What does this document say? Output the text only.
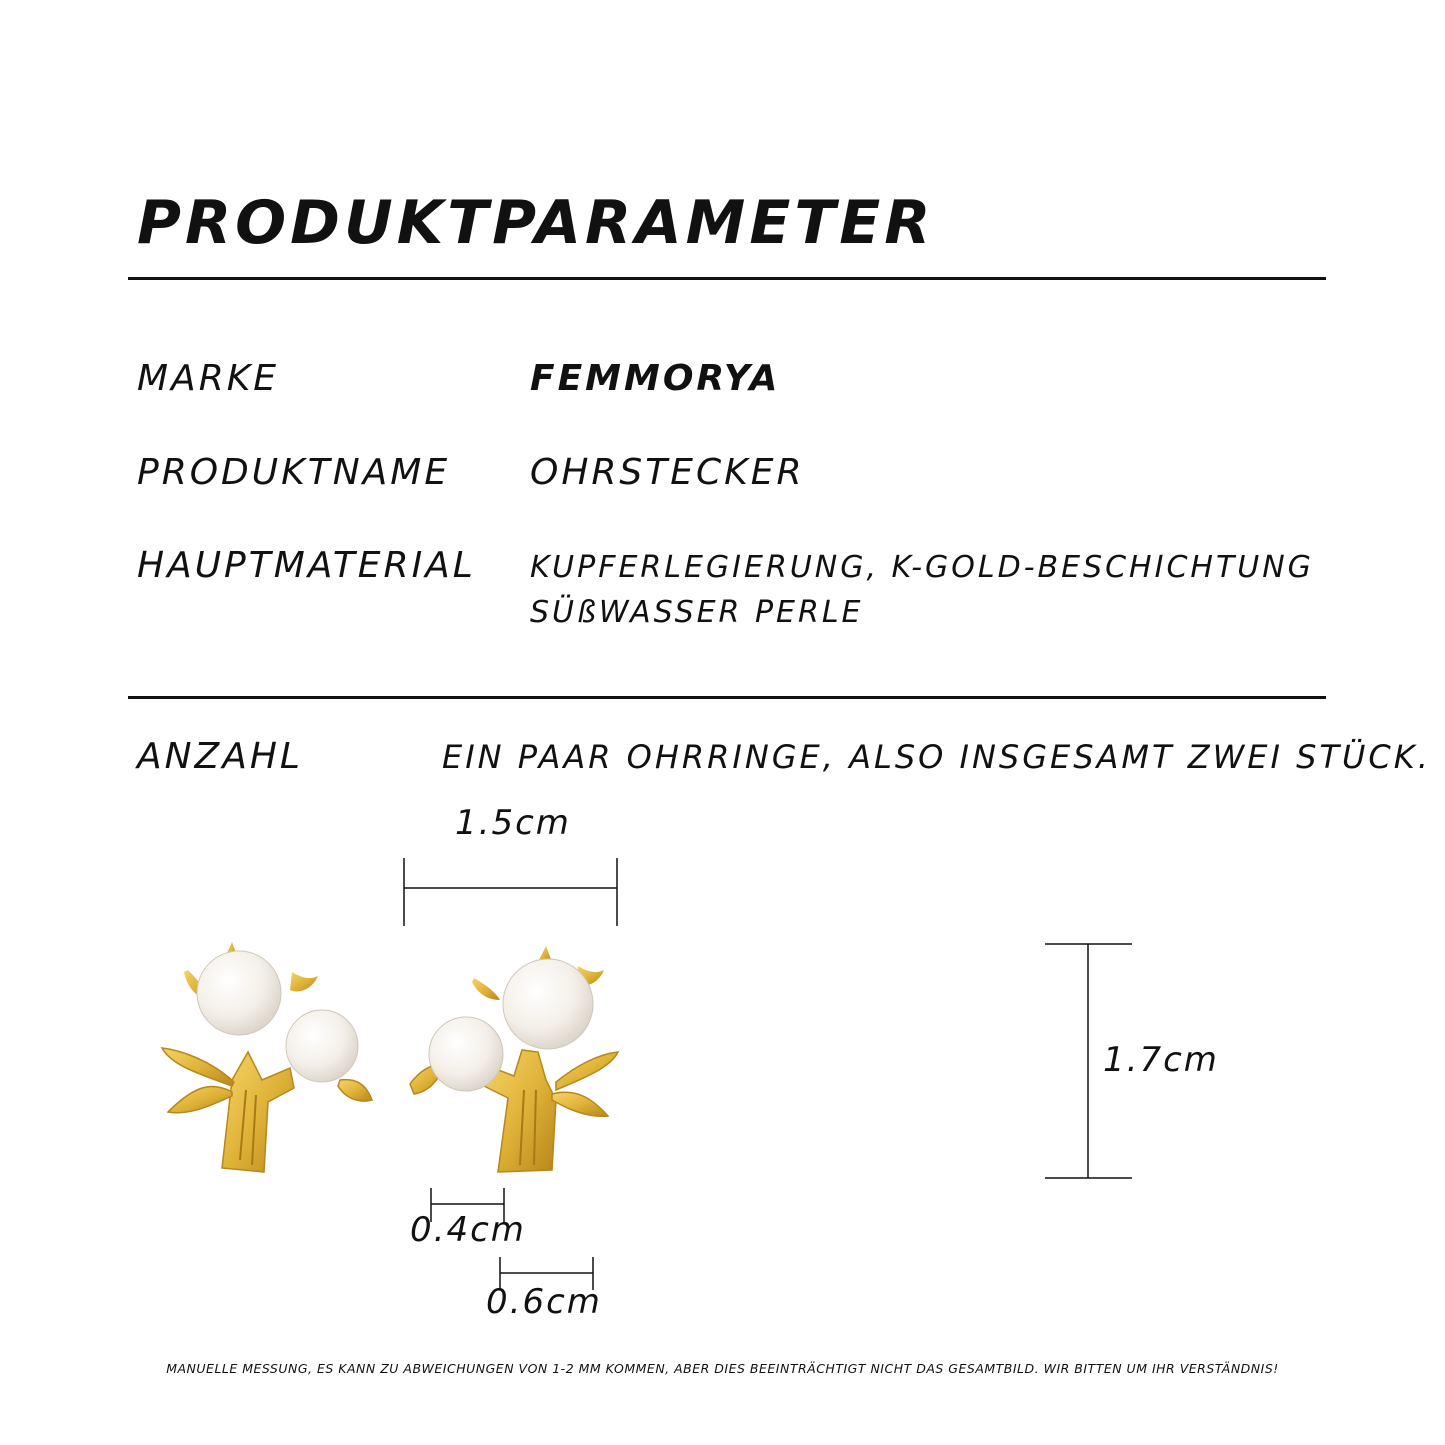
PRODUKTPARAMETER
MARKE	FEMMORYA
PRODUKTNAME OHRSTECKER
HAUPTMATERIAL KUPFERLEGIERUNG, K-GOLD-BESCHICHTUNG
SÜßWASSER PERLE
ANZAHL	EIN PAAR OHRRINGE, ALSO INSGESAMT ZWEI STÜCK.
1.5cm
1.7cm
0.4cm
0.6cm
MANUELLE MESSUNG, ES KANN ZU ABWEICHUNGEN VON 1-2 MM KOMMEN, ABER DIES BEEINTRÄCHTIGT NICHT DAS GESAMTBILD. WIR BITTEN UM IHR VERSTÄNDNIS!
